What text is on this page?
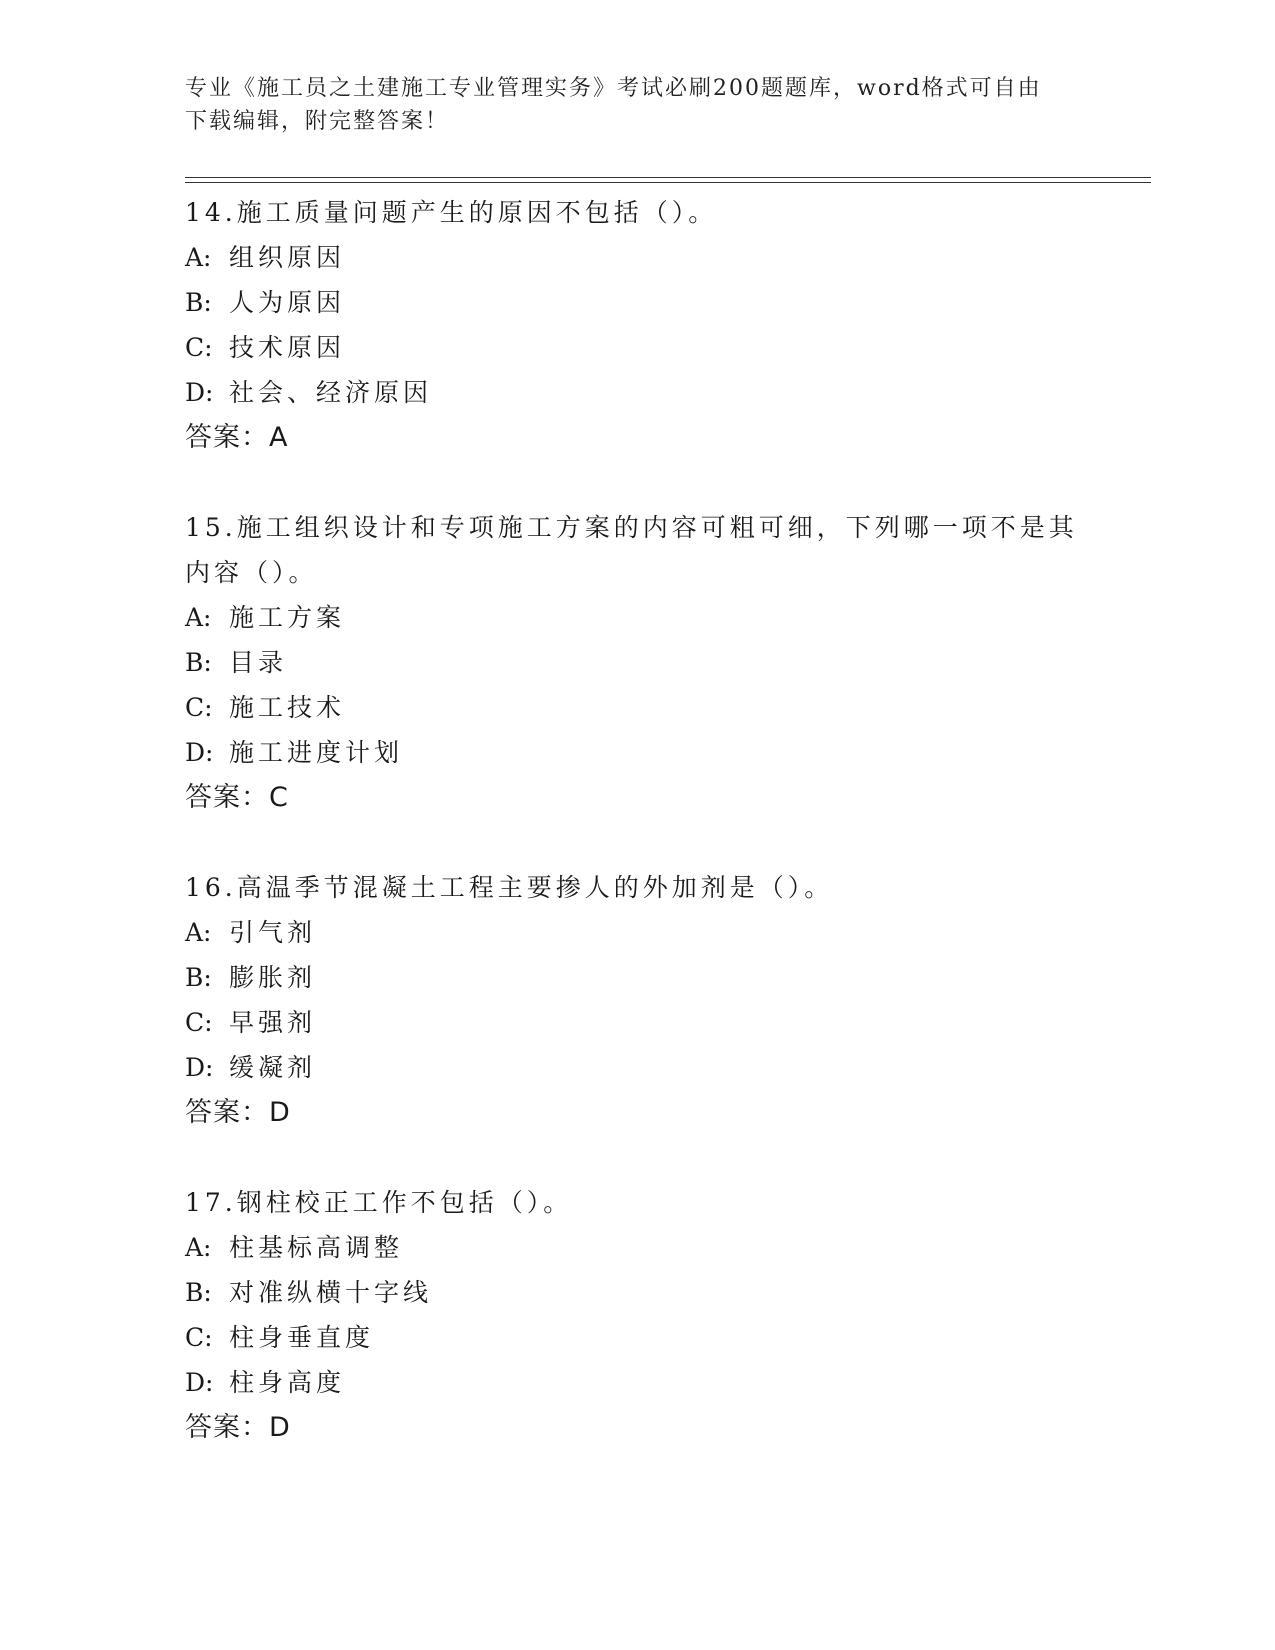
专业《施工员之土建施工专业管理实务》考试必刷200题题库，word格式可自由
下载编辑，附完整答案！
14.施工质量问题产生的原因不包括（）。
A: 组织原因
B: 人为原因
C: 技术原因
D: 社会、经济原因
答案：A
15.施工组织设计和专项施工方案的内容可粗可细，下列哪一项不是其
内容（）。
A: 施工方案
B: 目录
C: 施工技术
D: 施工进度计划
答案：C
16.高温季节混凝土工程主要掺人的外加剂是（）。
A: 引气剂
B: 膨胀剂
C: 早强剂
D: 缓凝剂
答案：D
17.钢柱校正工作不包括（）。
A: 柱基标高调整
B: 对准纵横十字线
C: 柱身垂直度
D: 柱身高度
答案：D
